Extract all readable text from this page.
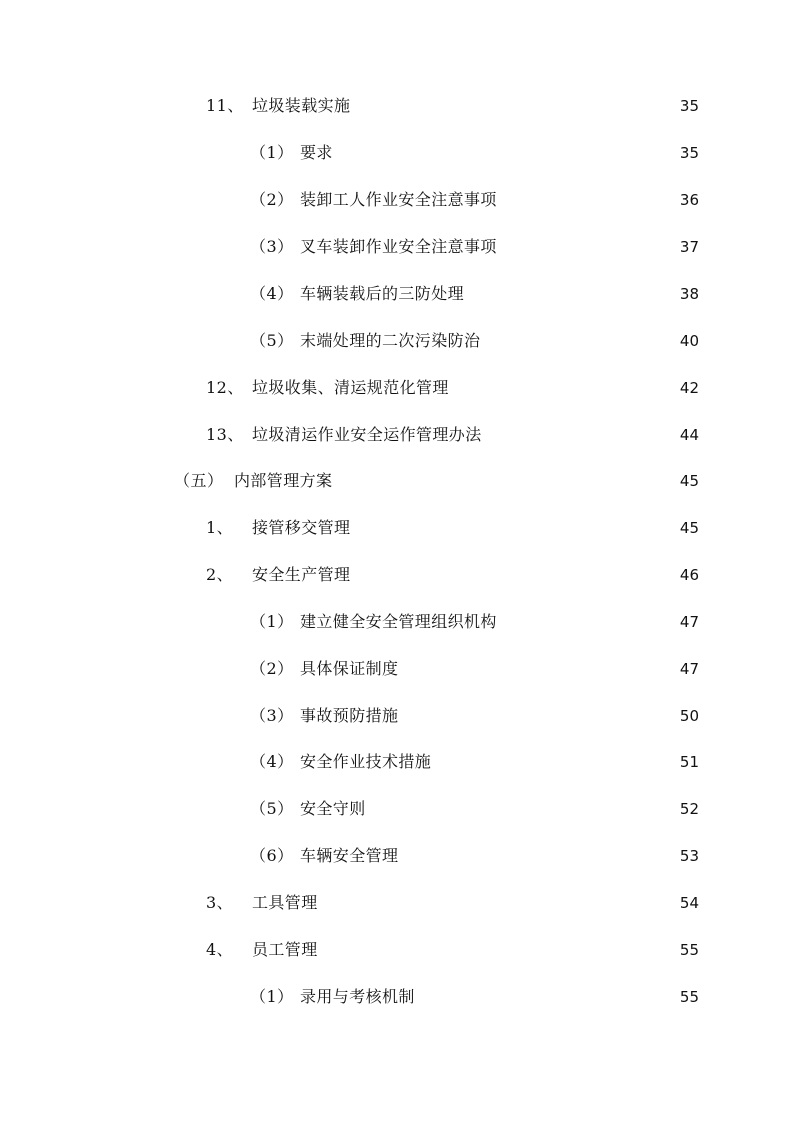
11、 垃圾装载实施	35
（1） 要求	35
（2） 装卸工人作业安全注意事项	36
（3） 叉车装卸作业安全注意事项	37
（4） 车辆装载后的三防处理	38
（5） 末端处理的二次污染防治	40
12、 垃圾收集、清运规范化管理	42
13、 垃圾清运作业安全运作管理办法	44
（五） 内部管理方案	45
1、	接管移交管理	45
2、	安全生产管理	46
（1） 建立健全安全管理组织机构	47
（2） 具体保证制度	47
（3） 事故预防措施	50
（4） 安全作业技术措施	51
（5） 安全守则	52
（6） 车辆安全管理	53
3、	工具管理	54
4、	员工管理	55
（1） 录用与考核机制	55
